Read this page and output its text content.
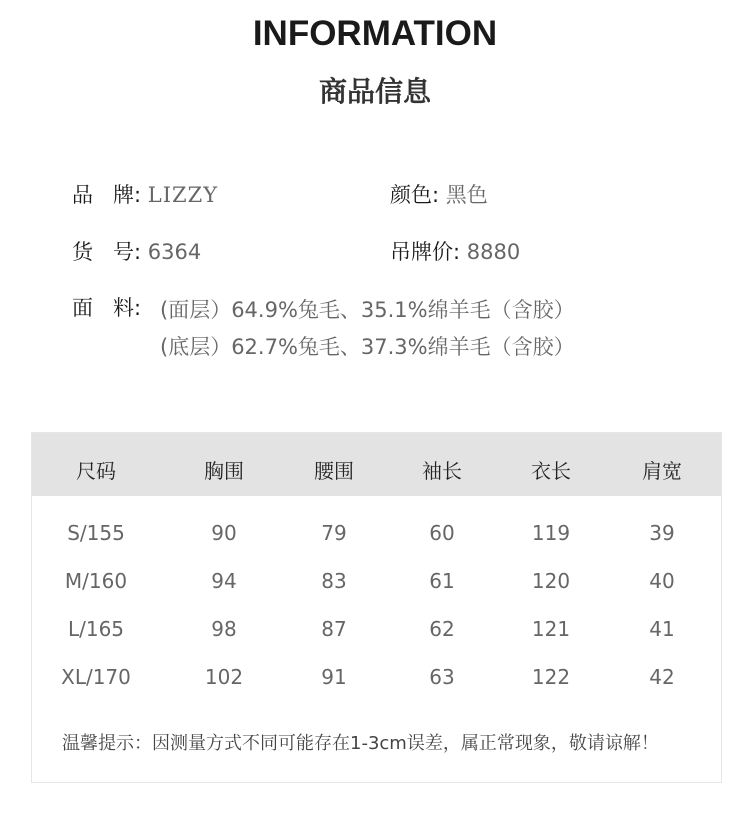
INFORMATION
商品信息
品   牌: LIZZY	颜色: 黑色
货   号: 6364	吊牌价: 8880
面   料: (面层）64.9%兔毛、35.1%绵羊毛（含胶）
(底层）62.7%兔毛、37.3%绵羊毛（含胶）
尺码	胸围	腰围	袖长	衣长	肩宽
S/155	90	79	60	119	39
M/160	94	83	61	120	40
L/165	98	87	62	121	41
XL/170	102	91	63	122	42
温馨提示：因测量方式不同可能存在1-3cm误差，属正常现象，敬请谅解！
